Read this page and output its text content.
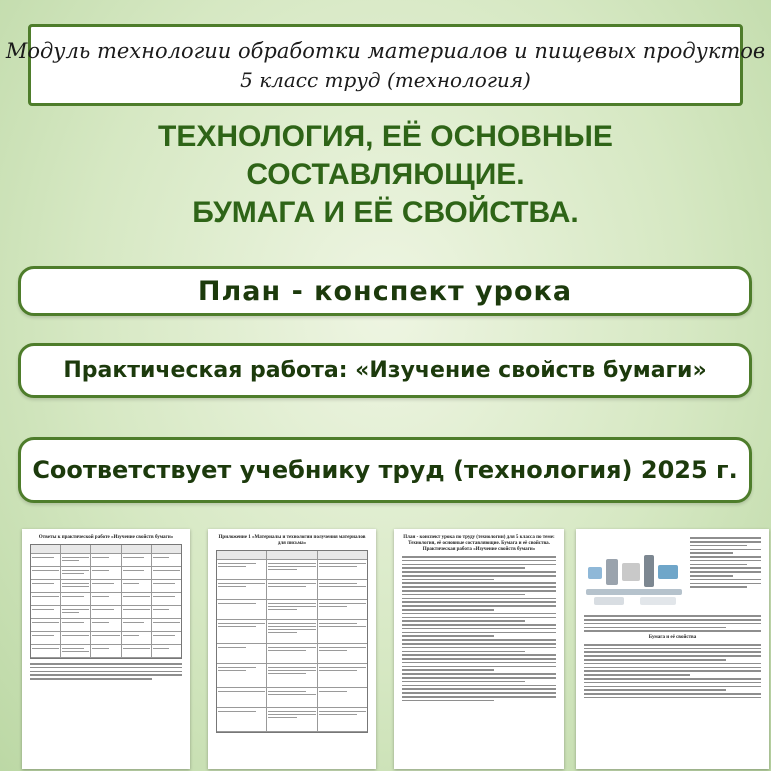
Модуль технологии обработки материалов и пищевых продуктов
5 класс труд (технология)
ТЕХНОЛОГИЯ, ЕЁ ОСНОВНЫЕ
СОСТАВЛЯЮЩИЕ.
БУМАГА И ЕЁ СВОЙСТВА.
План - конспект урока
Практическая работа: «Изучение свойств бумаги»
Соответствует учебнику труд (технология) 2025 г.
Ответы к практической работе «Изучение свойств бумаги»	Приложение 1 «Материалы и технологии получения материалов для письма»
План - конспект урока по труду (технологии) для 5 класса по теме: Технология, её основные составляющие. Бумага и её свойства. Практическая работа «Изучение свойств бумаги»
Бумага и её свойства
